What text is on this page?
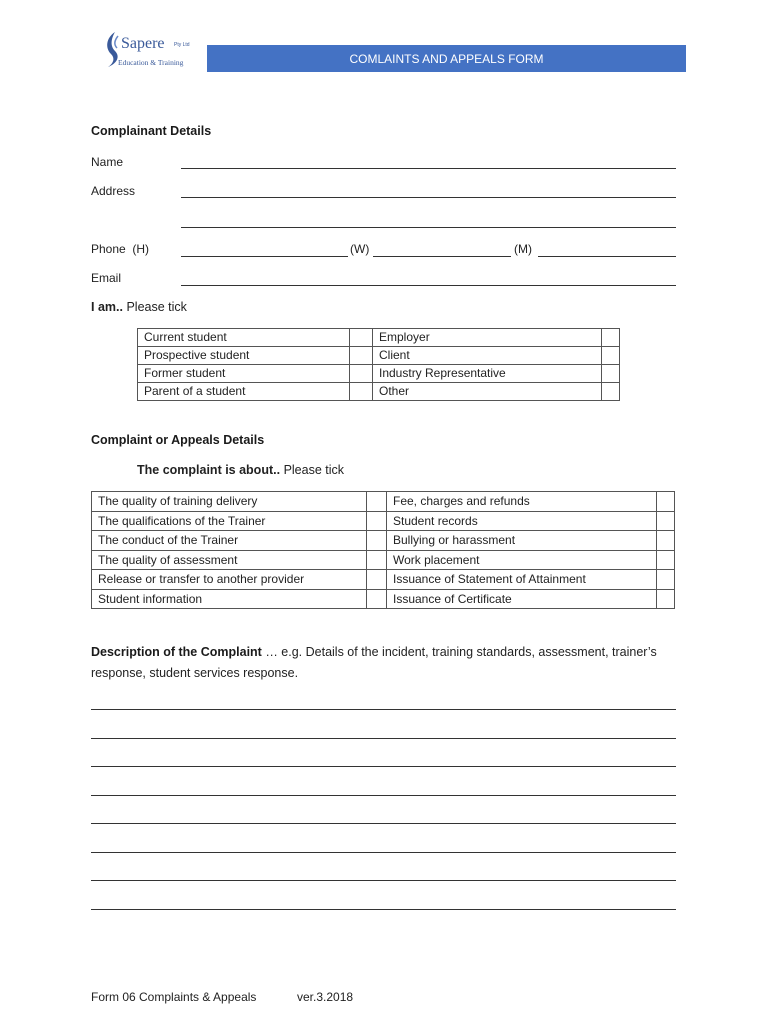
Sapere Pty Ltd
Education & Training	COMLAINTS AND APPEALS FORM
Complainant Details
Name
Address
Phone  (H)	(W)	(M)
Email
I am.. Please tick
Current student		Employer	
Prospective student		Client	
Former student		Industry Representative	
Parent of a student		Other	
Complaint or Appeals Details
The complaint is about.. Please tick
The quality of training delivery		Fee, charges and refunds	
The qualifications of the Trainer		Student records	
The conduct of the Trainer		Bullying or harassment	
The quality of assessment		Work placement	
Release or transfer to another provider		Issuance of Statement of Attainment	
Student information		Issuance of Certificate	
Description of the Complaint … e.g. Details of the incident, training standards, assessment, trainer’s response, student services response.
Form 06 Complaints & Appeals	ver.3.2018
